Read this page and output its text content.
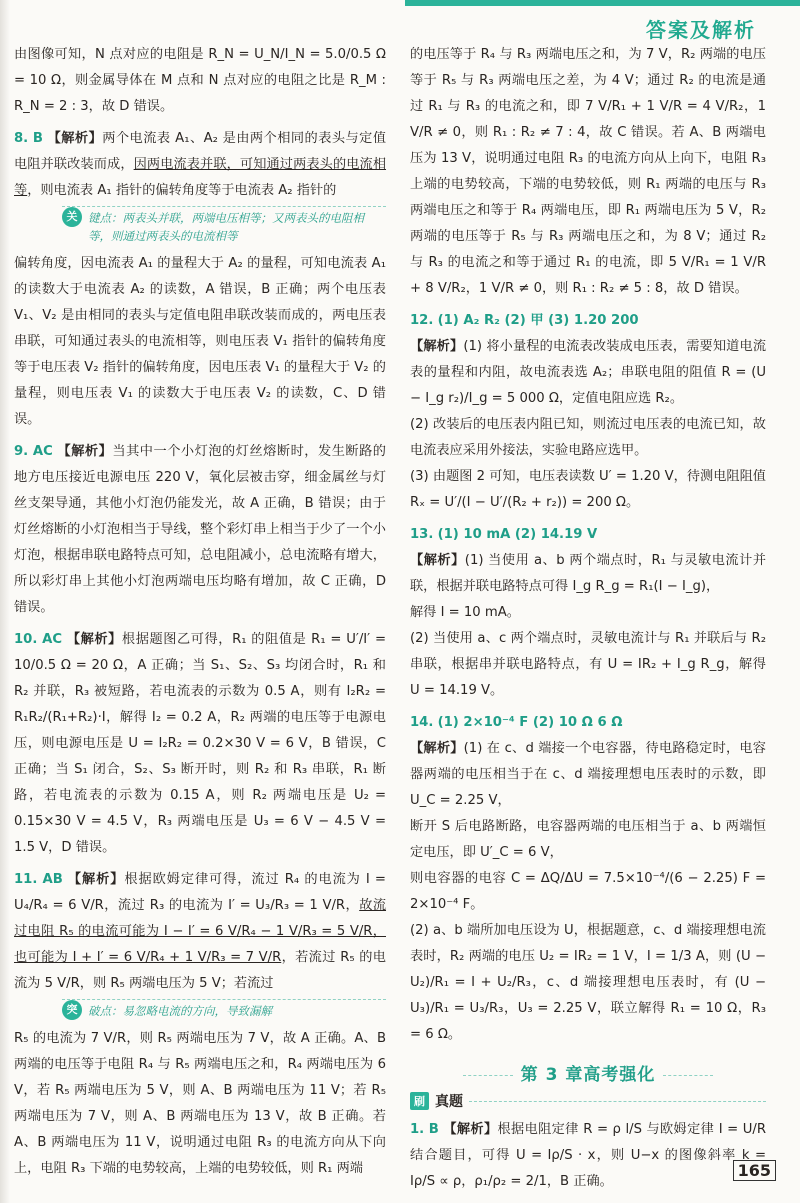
答案及解析

由图像可知，N 点对应的电阻是 R_N = U_N/I_N = 5.0/0.5 Ω = 10 Ω，则金属导体在 M 点和 N 点对应的电阻之比是 R_M : R_N = 2 : 3，故 D 错误。

8. B 【解析】两个电流表 A₁、A₂ 是由两个相同的表头与定值电阻并联改装而成，因两电流表并联，可知通过两表头的电流相等，则电流表 A₁ 指针的偏转角度等于电流表 A₂ 指针的

关 键点：两表头并联，两端电压相等；又两表头的电阻相等，则通过两表头的电流相等

偏转角度，因电流表 A₁ 的量程大于 A₂ 的量程，可知电流表 A₁ 的读数大于电流表 A₂ 的读数，A 错误，B 正确；两个电压表 V₁、V₂ 是由相同的表头与定值电阻串联改装而成的，两电压表串联，可知通过表头的电流相等，则电压表 V₁ 指针的偏转角度等于电压表 V₂ 指针的偏转角度，因电压表 V₁ 的量程大于 V₂ 的量程，则电压表 V₁ 的读数大于电压表 V₂ 的读数，C、D 错误。

9. AC 【解析】当其中一个小灯泡的灯丝熔断时，发生断路的地方电压接近电源电压 220 V，氧化层被击穿，细金属丝与灯丝支架导通，其他小灯泡仍能发光，故 A 正确，B 错误；由于灯丝熔断的小灯泡相当于导线，整个彩灯串上相当于少了一个小灯泡，根据串联电路特点可知，总电阻减小，总电流略有增大，所以彩灯串上其他小灯泡两端电压均略有增加，故 C 正确，D 错误。

10. AC 【解析】根据题图乙可得，R₁ 的阻值是 R₁ = U′/I′ = 10/0.5 Ω = 20 Ω，A 正确；当 S₁、S₂、S₃ 均闭合时，R₁ 和 R₂ 并联，R₃ 被短路，若电流表的示数为 0.5 A，则有 I₂R₂ = R₁R₂/(R₁+R₂)·I，解得 I₂ = 0.2 A，R₂ 两端的电压等于电源电压，则电源电压是 U = I₂R₂ = 0.2×30 V = 6 V，B 错误，C 正确；当 S₁ 闭合，S₂、S₃ 断开时，则 R₂ 和 R₃ 串联，R₁ 断路，若电流表的示数为 0.15 A，则 R₂ 两端电压是 U₂ = 0.15×30 V = 4.5 V，R₃ 两端电压是 U₃ = 6 V − 4.5 V = 1.5 V，D 错误。

11. AB 【解析】根据欧姆定律可得，流过 R₄ 的电流为 I = U₄/R₄ = 6 V/R，流过 R₃ 的电流为 I′ = U₃/R₃ = 1 V/R，故流过电阻 R₅ 的电流可能为 I − I′ = 6 V/R₄ − 1 V/R₃ = 5 V/R，也可能为 I + I′ = 6 V/R₄ + 1 V/R₃ = 7 V/R，若流过 R₅ 的电流为 5 V/R，则 R₅ 两端电压为 5 V；若流过

突 破点：易忽略电流的方向，导致漏解

R₅ 的电流为 7 V/R，则 R₅ 两端电压为 7 V，故 A 正确。A、B 两端的电压等于电阻 R₄ 与 R₅ 两端电压之和，R₄ 两端电压为 6 V，若 R₅ 两端电压为 5 V，则 A、B 两端电压为 11 V；若 R₅ 两端电压为 7 V，则 A、B 两端电压为 13 V，故 B 正确。若 A、B 两端电压为 11 V，说明通过电阻 R₃ 的电流方向从下向上，电阻 R₃ 下端的电势较高，上端的电势较低，则 R₁ 两端

的电压等于 R₄ 与 R₃ 两端电压之和，为 7 V，R₂ 两端的电压等于 R₅ 与 R₃ 两端电压之差，为 4 V；通过 R₂ 的电流是通过 R₁ 与 R₃ 的电流之和，即 7 V/R₁ + 1 V/R = 4 V/R₂，1 V/R ≠ 0，则 R₁ : R₂ ≠ 7 : 4，故 C 错误。若 A、B 两端电压为 13 V，说明通过电阻 R₃ 的电流方向从上向下，电阻 R₃ 上端的电势较高，下端的电势较低，则 R₁ 两端的电压与 R₃ 两端电压之和等于 R₄ 两端电压，即 R₁ 两端电压为 5 V，R₂ 两端的电压等于 R₅ 与 R₃ 两端电压之和，为 8 V；通过 R₂ 与 R₃ 的电流之和等于通过 R₁ 的电流，即 5 V/R₁ = 1 V/R + 8 V/R₂，1 V/R ≠ 0，则 R₁ : R₂ ≠ 5 : 8，故 D 错误。

12. (1) A₂ R₂ (2) 甲 (3) 1.20 200

【解析】(1) 将小量程的电流表改装成电压表，需要知道电流表的量程和内阻，故电流表选 A₂；串联电阻的阻值 R = (U − I_g r₂)/I_g = 5 000 Ω，定值电阻应选 R₂。

(2) 改装后的电压表内阻已知，则流过电压表的电流已知，故电流表应采用外接法，实验电路应选甲。

(3) 由题图 2 可知，电压表读数 U′ = 1.20 V，待测电阻阻值 Rₓ = U′/(I − U′/(R₂ + r₂)) = 200 Ω。

13. (1) 10 mA (2) 14.19 V

【解析】(1) 当使用 a、b 两个端点时，R₁ 与灵敏电流计并联，根据并联电路特点可得 I_g R_g = R₁(I − I_g)，

解得 I = 10 mA。

(2) 当使用 a、c 两个端点时，灵敏电流计与 R₁ 并联后与 R₂ 串联，根据串并联电路特点，有 U = IR₂ + I_g R_g，解得 U = 14.19 V。

14. (1) 2×10⁻⁴ F (2) 10 Ω 6 Ω

【解析】(1) 在 c、d 端接一个电容器，待电路稳定时，电容器两端的电压相当于在 c、d 端接理想电压表时的示数，即 U_C = 2.25 V，

断开 S 后电路断路，电容器两端的电压相当于 a、b 两端恒定电压，即 U′_C = 6 V，

则电容器的电容 C = ΔQ/ΔU = 7.5×10⁻⁴/(6 − 2.25) F = 2×10⁻⁴ F。

(2) a、b 端所加电压设为 U，根据题意，c、d 端接理想电流表时，R₂ 两端的电压 U₂ = IR₂ = 1 V，I = 1/3 A，则 (U − U₂)/R₁ = I + U₂/R₃，c、d 端接理想电压表时，有 (U − U₃)/R₁ = U₃/R₃，U₃ = 2.25 V，联立解得 R₁ = 10 Ω，R₃ = 6 Ω。

第 3 章高考强化
刷 真题

1. B 【解析】根据电阻定律 R = ρ l/S 与欧姆定律 I = U/R 结合题目，可得 U = Iρ/S · x，则 U−x 的图像斜率 k = Iρ/S ∝ ρ，ρ₁/ρ₂ = 2/1，B 正确。

165
